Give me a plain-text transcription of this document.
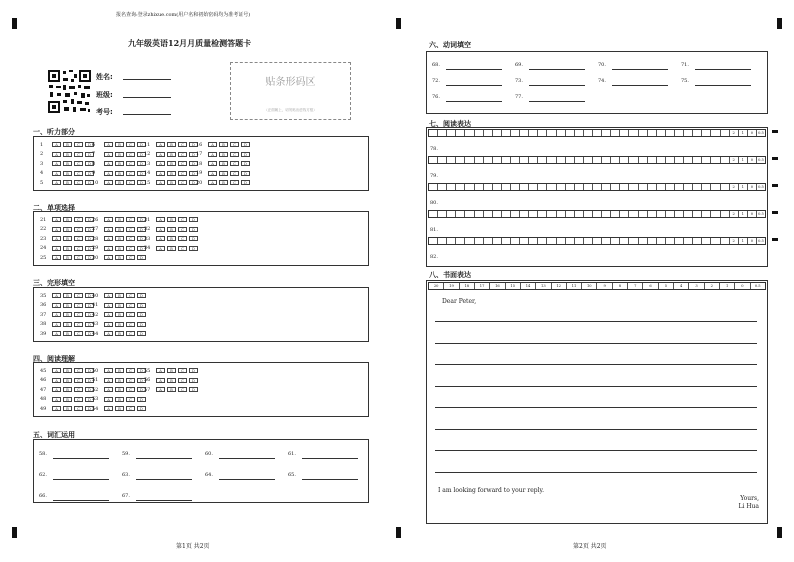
报名查询:登录zhixue.com(用户名和初始密码均为准考证号)
九年级英语12月月质量检测答题卡
姓名:
班级:
考号:
贴条形码区
（正面朝上，切勿贴出虚线方框）
一、听力部分
二、单项选择
三、完形填空
四、阅读理解
五、词汇运用
1	A	B	C	D
2	A	B	C	D
3	A	B	C	D
4	A	B	C	D
5	A	B	C	D
6	A	B	C	D
7	A	B	C	D
8	A	B	C	D
9	A	B	C	D
10	A	B	C	D
11	A	B	C	D
12	A	B	C	D
13	A	B	C	D
14	A	B	C	D
15	A	B	C	D
16	A	B	C	D
17	A	B	C	D
18	A	B	C	D
19	A	B	C	D
20	A	B	C	D
21	A	B	C	D
22	A	B	C	D
23	A	B	C	D
24	A	B	C	D
25	A	B	C	D
26	A	B	C	D
27	A	B	C	D
28	A	B	C	D
29	A	B	C	D
30	A	B	C	D
31	A	B	C	D
32	A	B	C	D
33	A	B	C	D
34	A	B	C	D
35	A	B	C	D
36	A	B	C	D
37	A	B	C	D
38	A	B	C	D
39	A	B	C	D
40	A	B	C	D
41	A	B	C	D
42	A	B	C	D
43	A	B	C	D
44	A	B	C	D
45	A	B	C	D
46	A	B	C	D
47	A	B	C	D
48	A	B	C	D
49	A	B	C	D
50	A	B	C	D
51	A	B	C	D
52	A	B	C	D
53	A	B	C	D
54	A	B	C	D
55	A	B	C	D
56	A	B	C	D
57	A	B	C	D
58.	59.	60.	61.
62.	63.	64.	65.
66.	67.
六、动词填空
68.	69.	70.	71.
72.	73.	74.	75.
76.	77.
七、阅读表达
2	1	0	0.5
78.
2	1	0	0.5
79.
2	1	0	0.5
80.
2	1	0	0.5
81.
2	1	0	0.5
82.
八、书面表达
20	19	18	17	16	15	14	13	12	11	10	9	8	7	6	5	4	3	2	1	0	0.5
Dear Peter,
I am looking forward to your reply.
Yours,
Li Hua
第1页 共2页	第2页 共2页
